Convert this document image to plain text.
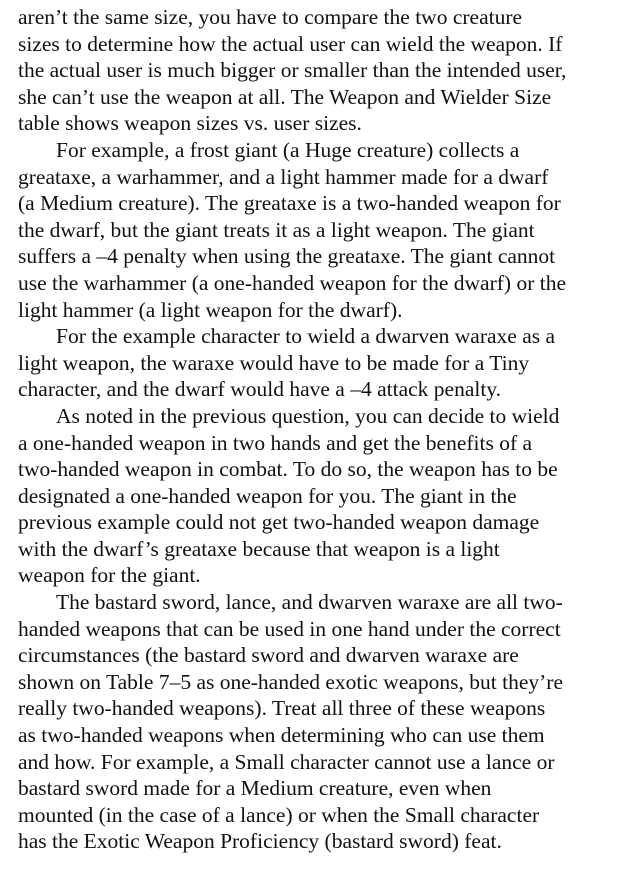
aren’t the same size, you have to compare the two creature
sizes to determine how the actual user can wield the weapon. If
the actual user is much bigger or smaller than the intended user,
she can’t use the weapon at all. The Weapon and Wielder Size
table shows weapon sizes vs. user sizes.
For example, a frost giant (a Huge creature) collects a
greataxe, a warhammer, and a light hammer made for a dwarf
(a Medium creature). The greataxe is a two-handed weapon for
the dwarf, but the giant treats it as a light weapon. The giant
suffers a –4 penalty when using the greataxe. The giant cannot
use the warhammer (a one-handed weapon for the dwarf) or the
light hammer (a light weapon for the dwarf).
For the example character to wield a dwarven waraxe as a
light weapon, the waraxe would have to be made for a Tiny
character, and the dwarf would have a –4 attack penalty.
As noted in the previous question, you can decide to wield
a one-handed weapon in two hands and get the benefits of a
two-handed weapon in combat. To do so, the weapon has to be
designated a one-handed weapon for you. The giant in the
previous example could not get two-handed weapon damage
with the dwarf’s greataxe because that weapon is a light
weapon for the giant.
The bastard sword, lance, and dwarven waraxe are all two-
handed weapons that can be used in one hand under the correct
circumstances (the bastard sword and dwarven waraxe are
shown on Table 7–5 as one-handed exotic weapons, but they’re
really two-handed weapons). Treat all three of these weapons
as two-handed weapons when determining who can use them
and how. For example, a Small character cannot use a lance or
bastard sword made for a Medium creature, even when
mounted (in the case of a lance) or when the Small character
has the Exotic Weapon Proficiency (bastard sword) feat.
